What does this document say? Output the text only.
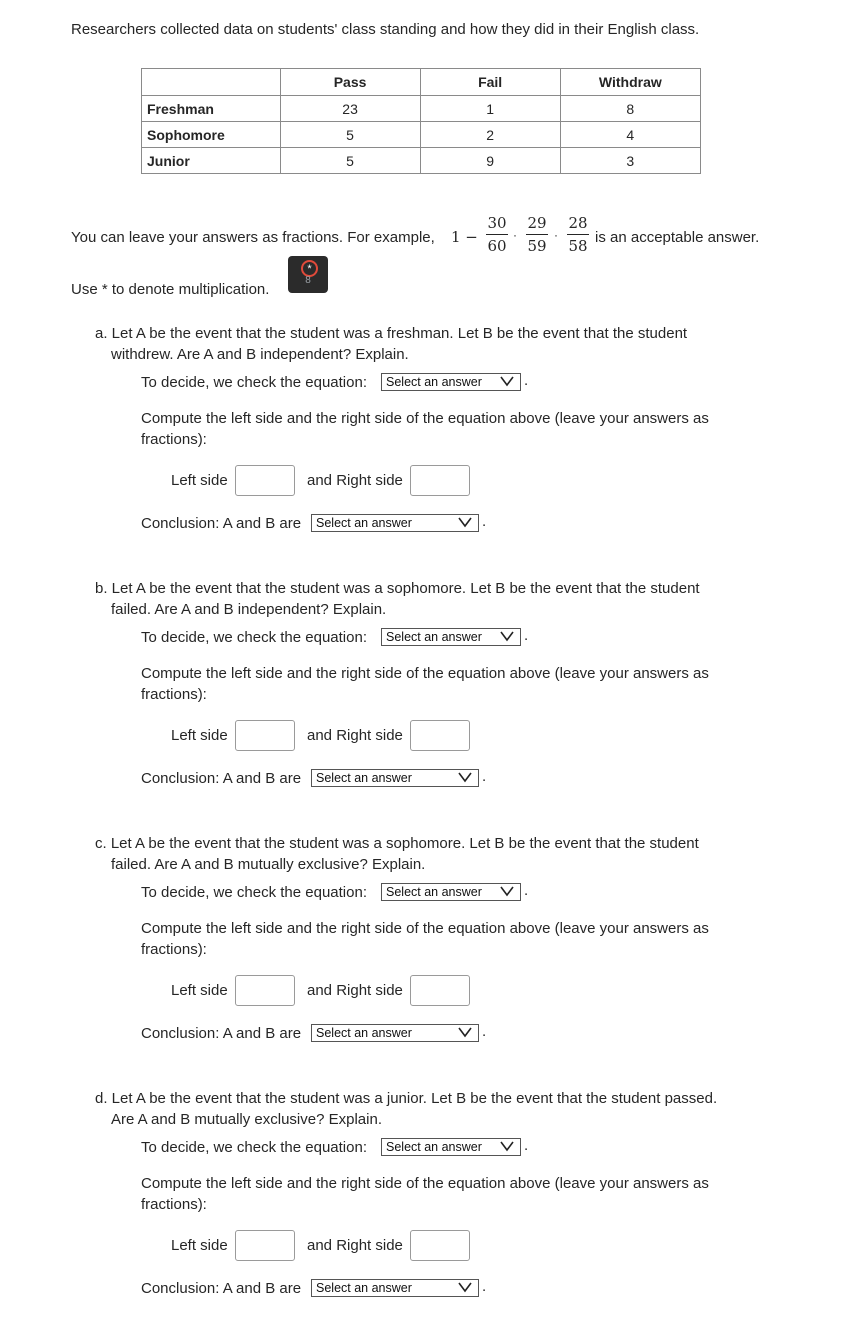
Researchers collected data on students' class standing and how they did in their English class.
	Pass	Fail	Withdraw
Freshman	23	1	8
Sophomore	5	2	4
Junior	5	9	3
You can leave your answers as fractions. For example, 1 −
30
60
·
29
59
·
28
58 is an acceptable answer.
Use * to denote multiplication.
*
8
a. Let A be the event that the student was a freshman. Let B be the event that the student
withdrew. Are A and B independent? Explain.
To decide, we check the equation:	Select an answer	.
Compute the left side and the right side of the equation above (leave your answers as
fractions):
Left side	and Right side
Conclusion: A and B are	Select an answer	.
b. Let A be the event that the student was a sophomore. Let B be the event that the student
failed. Are A and B independent? Explain.
To decide, we check the equation:	Select an answer	.
Compute the left side and the right side of the equation above (leave your answers as
fractions):
Left side	and Right side
Conclusion: A and B are	Select an answer	.
c. Let A be the event that the student was a sophomore. Let B be the event that the student
failed. Are A and B mutually exclusive? Explain.
To decide, we check the equation:	Select an answer	.
Compute the left side and the right side of the equation above (leave your answers as
fractions):
Left side	and Right side
Conclusion: A and B are	Select an answer	.
d. Let A be the event that the student was a junior. Let B be the event that the student passed.
Are A and B mutually exclusive? Explain.
To decide, we check the equation:	Select an answer	.
Compute the left side and the right side of the equation above (leave your answers as
fractions):
Left side	and Right side
Conclusion: A and B are	Select an answer	.
